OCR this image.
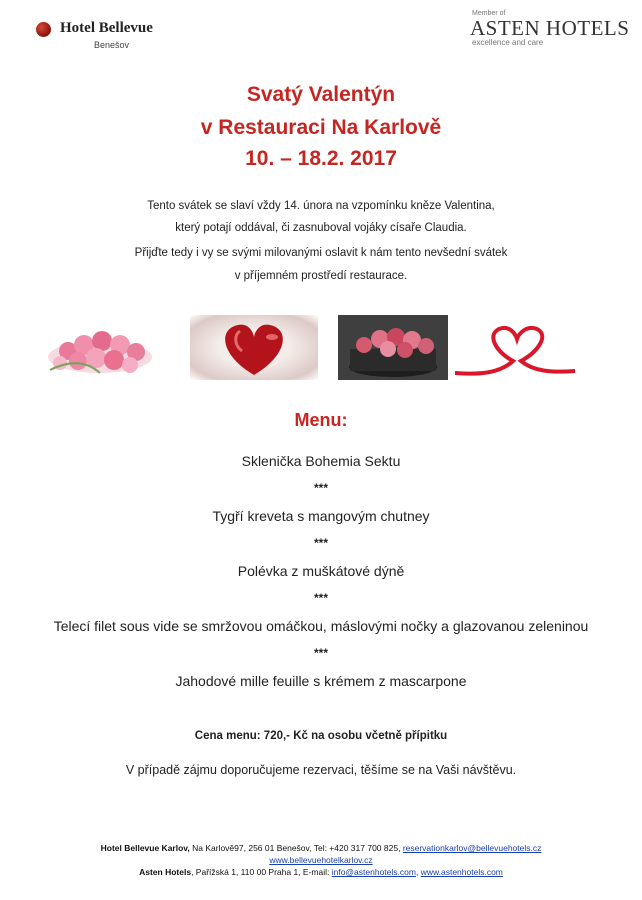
Hotel Bellevue
Benešov
Member of
ASTEN HOTELS
excellence and care
Svatý Valentýn
v Restauraci Na Karlově
10. – 18.2. 2017
Tento svátek se slaví vždy 14. února na vzpomínku kněze Valentina,
který potají oddával, či zasnuboval vojáky císaře Claudia.
Přijďte tedy i vy se svými milovanými oslavit k nám tento nevšední svátek
v příjemném prostředí restaurace.
Menu:
Sklenička Bohemia Sektu
***
Tygří kreveta s mangovým chutney
***
Polévka z muškátové dýně
***
Telecí filet sous vide se smržovou omáčkou, máslovými nočky a glazovanou zeleninou
***
Jahodové mille feuille s krémem z mascarpone
Cena menu: 720,- Kč na osobu včetně přípitku
V případě zájmu doporučujeme rezervaci, těšíme se na Vaši návštěvu.
Hotel Bellevue Karlov, Na Karlově97, 256 01 Benešov, Tel: +420 317 700 825, reservationkarlov@bellevuehotels.cz
www.bellevuehotelkarlov.cz
Asten Hotels, Pařížská 1, 110 00 Praha 1, E-mail: info@astenhotels.com, www.astenhotels.com
